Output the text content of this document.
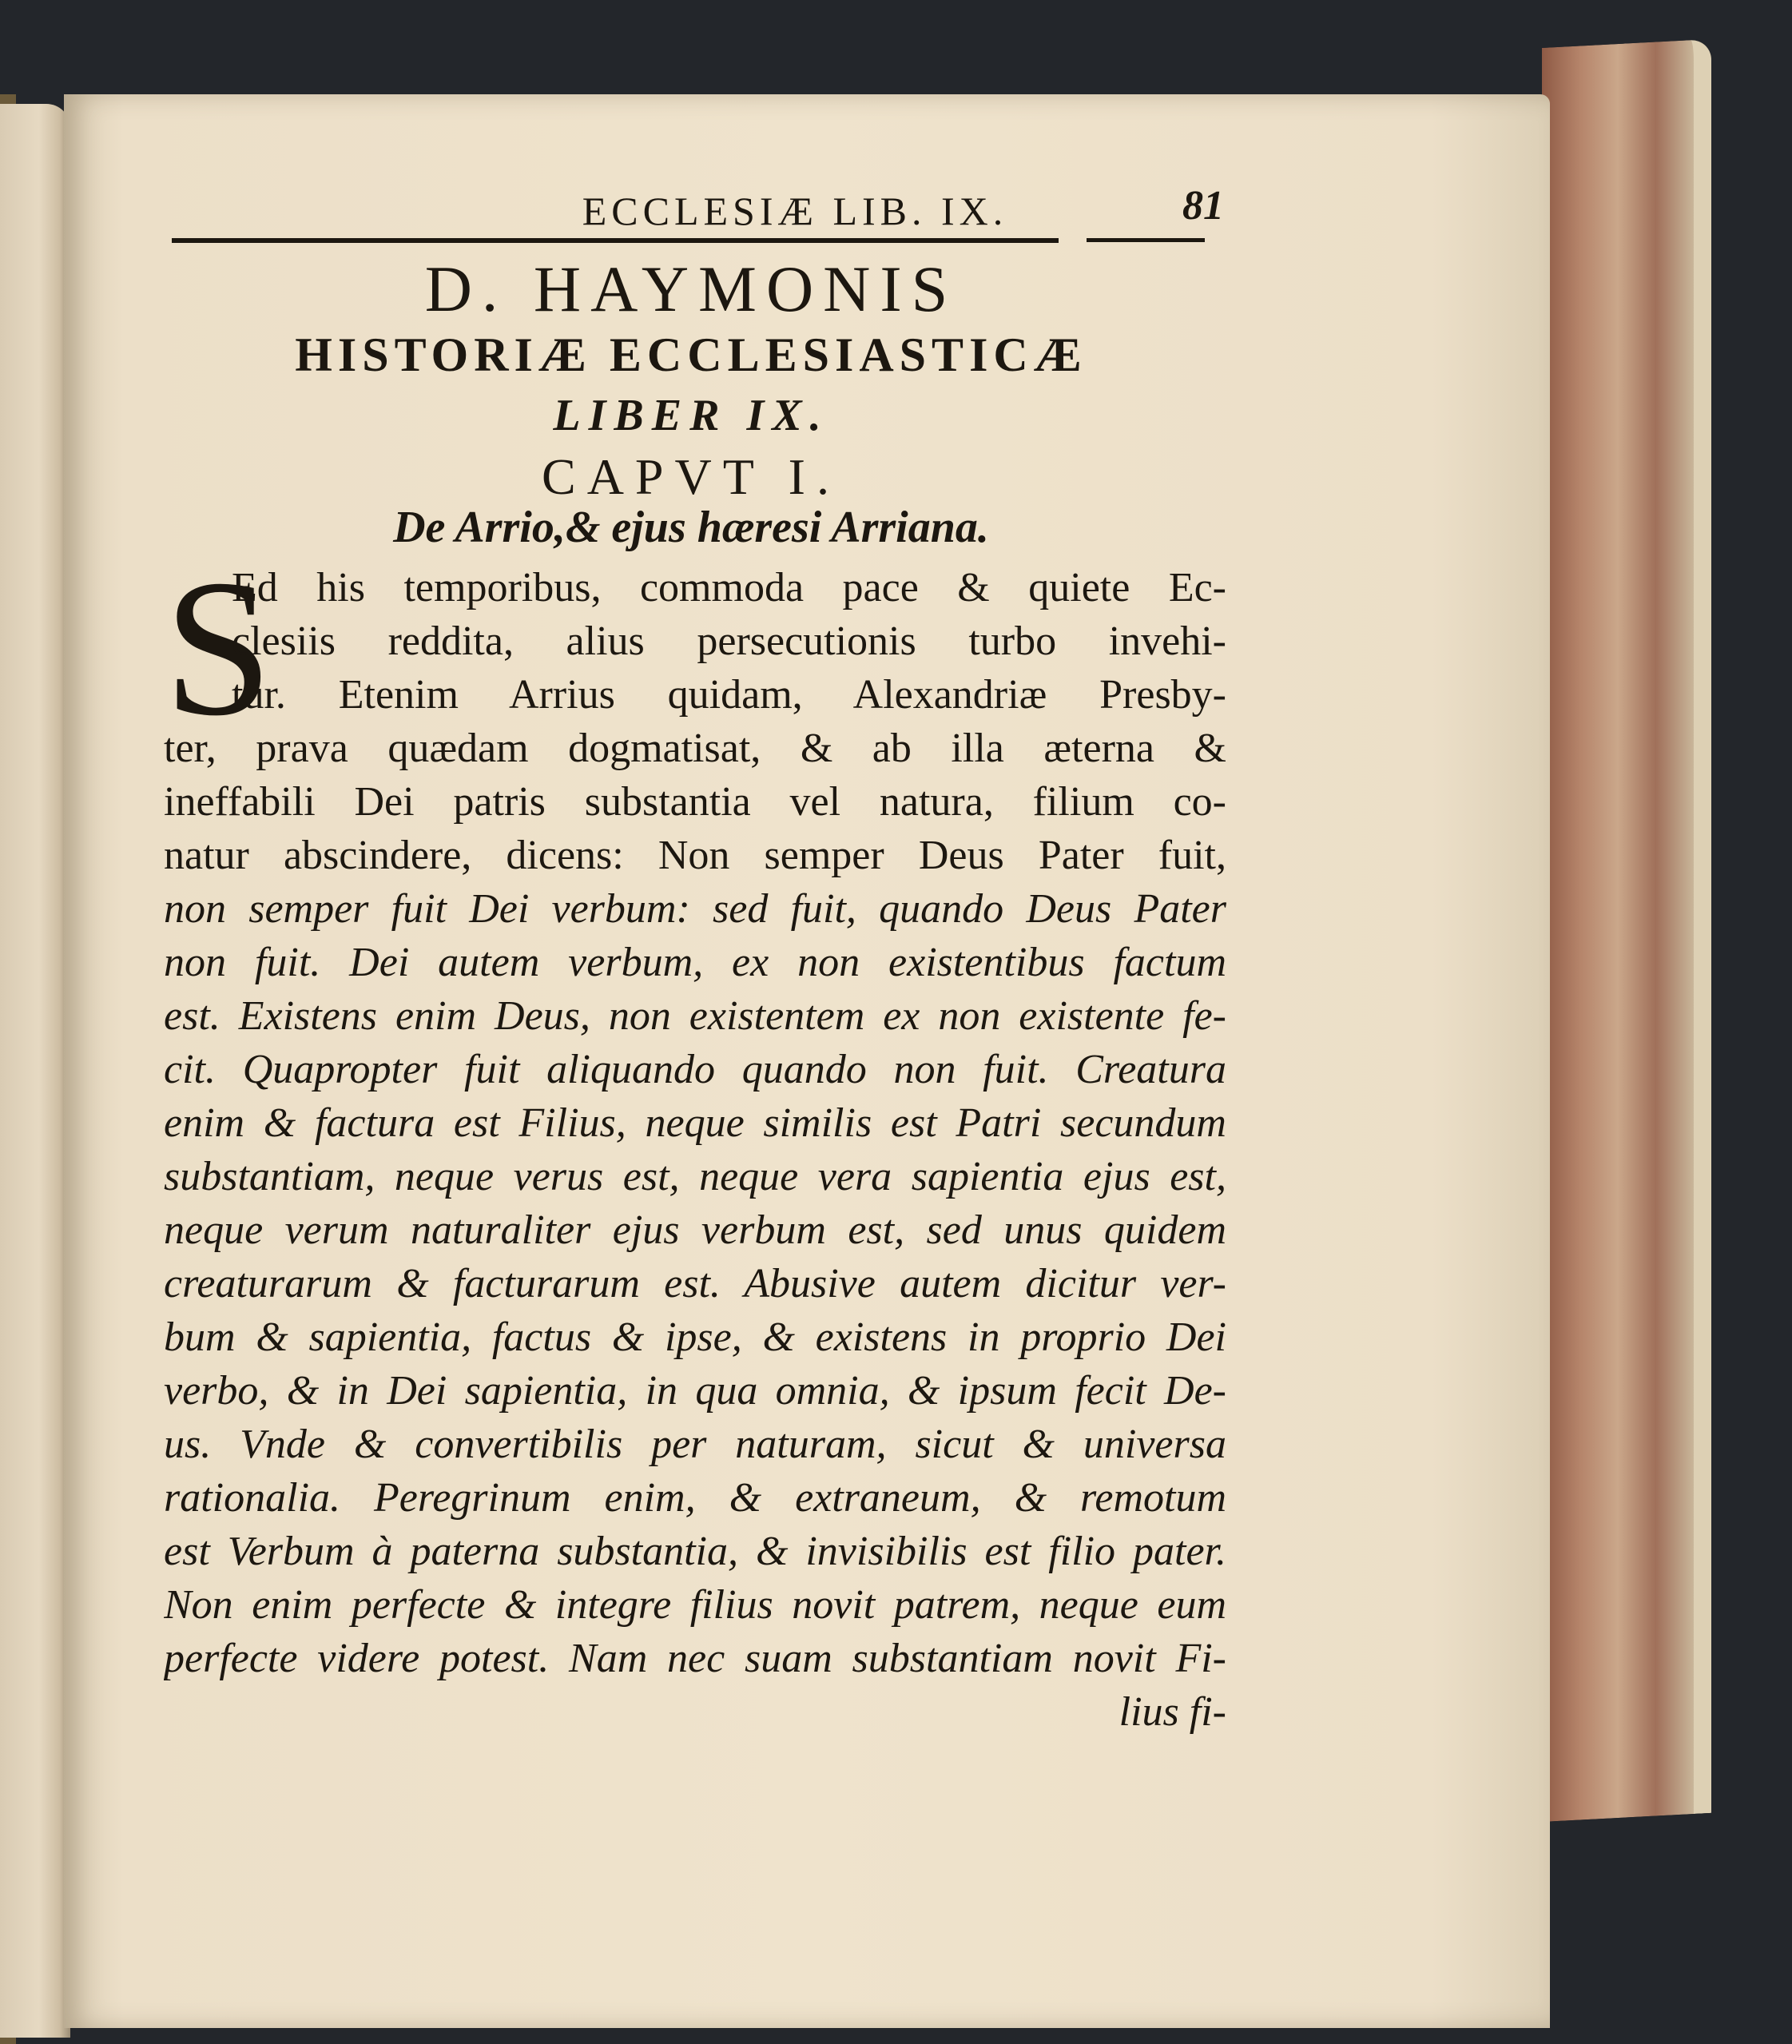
ECCLESIÆ LIB. IX.	81
D. HAYMONIS
HISTORIÆ ECCLESIASTICÆ
LIBER IX.
CAPVT I.
De Arrio,& ejus hæresi Arriana.
S
Ed his temporibus, commoda pace & quiete Ec-
clesiis reddita, alius persecutionis turbo invehi-
tur. Etenim Arrius quidam, Alexandriæ Presby-
ter, prava quædam dogmatisat, & ab illa æterna &
ineffabili Dei patris substantia vel natura, filium co-
natur abscindere, dicens: Non semper Deus Pater fuit,
non semper fuit Dei verbum: sed fuit, quando Deus Pater
non fuit. Dei autem verbum, ex non existentibus factum
est. Existens enim Deus, non existentem ex non existente fe-
cit. Quapropter fuit aliquando quando non fuit. Creatura
enim & factura est Filius, neque similis est Patri secundum
substantiam, neque verus est, neque vera sapientia ejus est,
neque verum naturaliter ejus verbum est, sed unus quidem
creaturarum & facturarum est. Abusive autem dicitur ver-
bum & sapientia, factus & ipse, & existens in proprio Dei
verbo, & in Dei sapientia, in qua omnia, & ipsum fecit De-
us. Vnde & convertibilis per naturam, sicut & universa
rationalia. Peregrinum enim, & extraneum, & remotum
est Verbum à paterna substantia, & invisibilis est filio pater.
Non enim perfecte & integre filius novit patrem, neque eum
perfecte videre potest. Nam nec suam substantiam novit Fi-
lius fi-
